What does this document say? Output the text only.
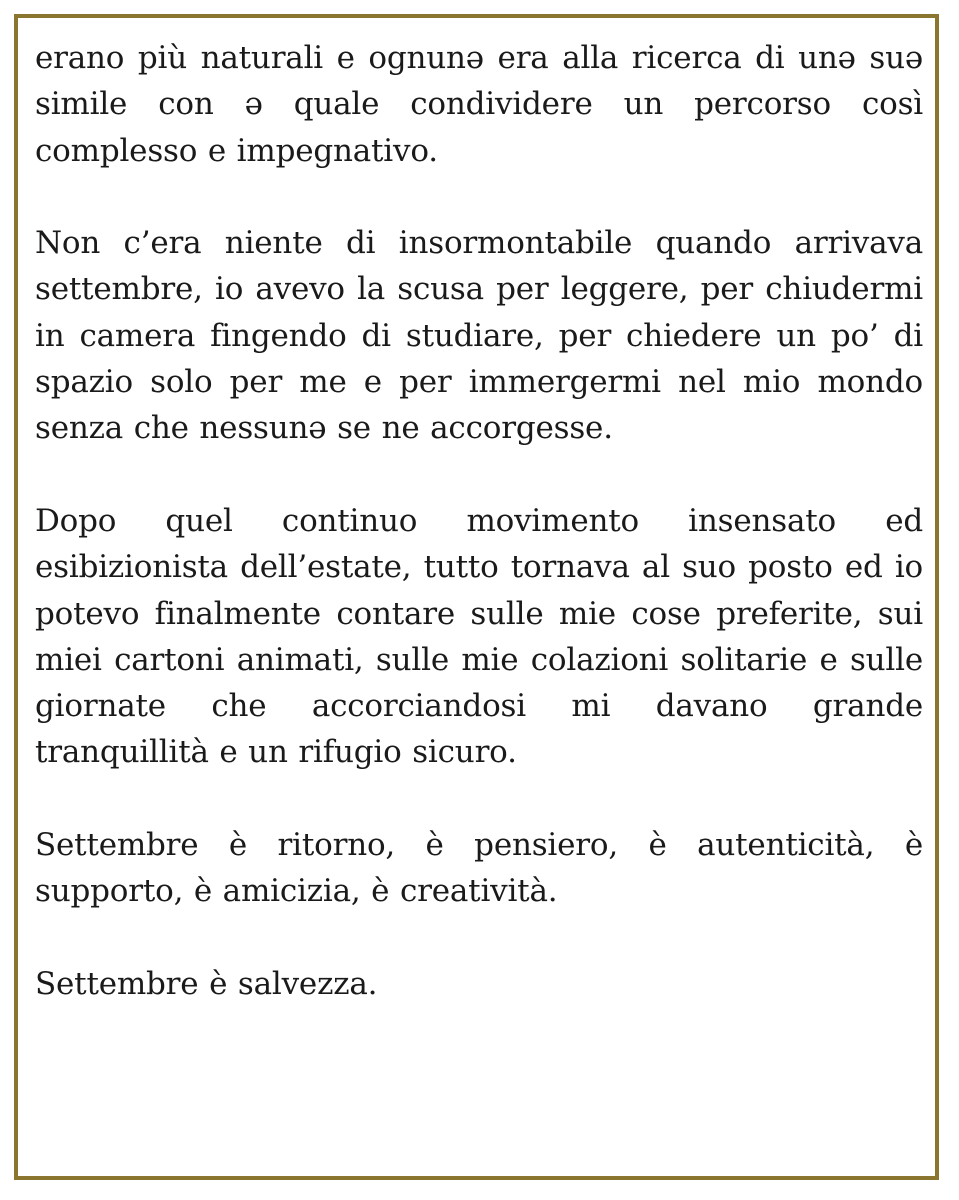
erano più naturali e ognunə era alla ricerca di unə suə simile con ə quale condividere un percorso così complesso e impegnativo.

Non c’era niente di insormontabile quando arrivava settembre, io avevo la scusa per leggere, per chiudermi in camera fingendo di studiare, per chiedere un po’ di spazio solo per me e per immergermi nel mio mondo senza che nessunə se ne accorgesse.

Dopo quel continuo movimento insensato ed esibizionista dell’estate, tutto tornava al suo posto ed io potevo finalmente contare sulle mie cose preferite, sui miei cartoni animati, sulle mie colazioni solitarie e sulle giornate che accorciandosi mi davano grande tranquillità e un rifugio sicuro.

Settembre è ritorno, è pensiero, è autenticità, è supporto, è amicizia, è creatività.

Settembre è salvezza.
